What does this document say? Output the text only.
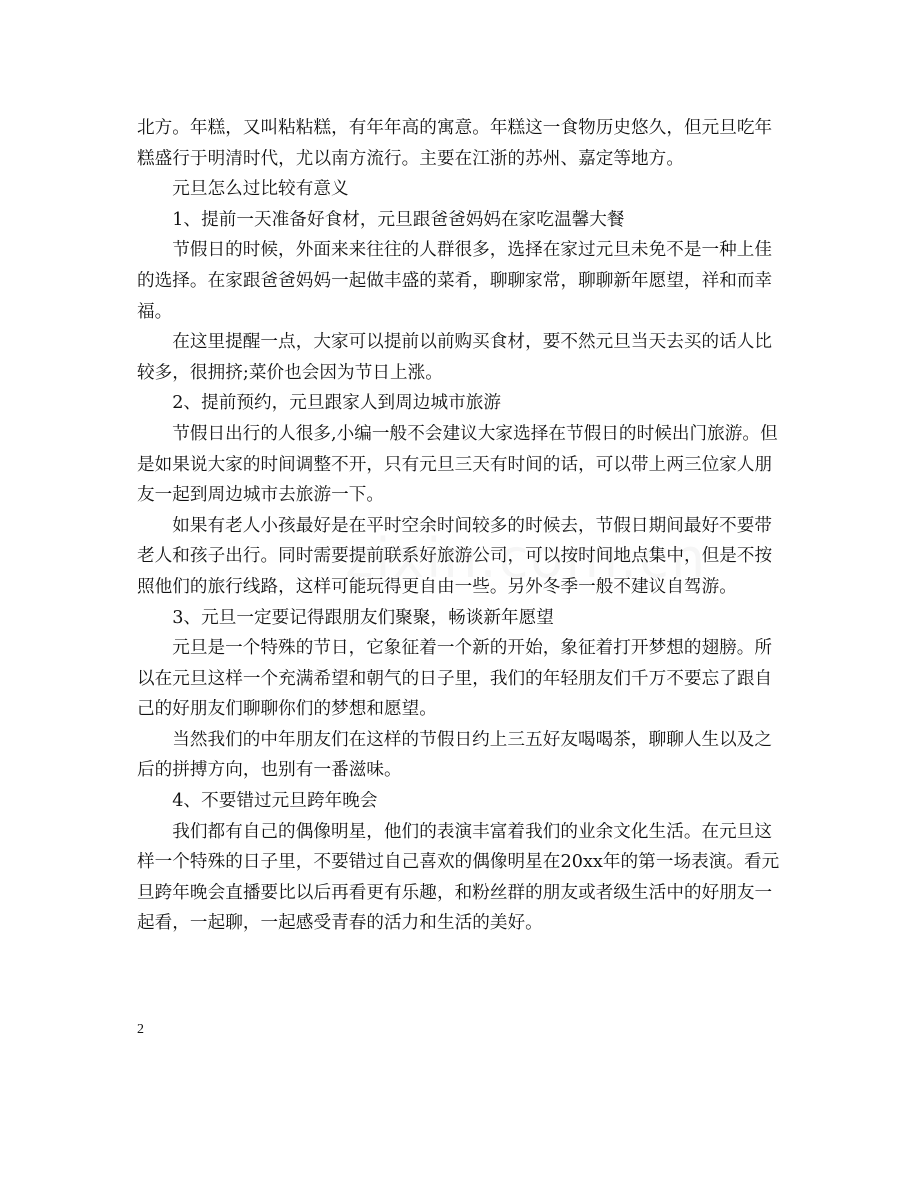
北方。年糕，又叫粘粘糕，有年年高的寓意。年糕这一食物历史悠久，但元旦吃年糕盛行于明清时代，尤以南方流行。主要在江浙的苏州、嘉定等地方。

元旦怎么过比较有意义

1、提前一天准备好食材，元旦跟爸爸妈妈在家吃温馨大餐

节假日的时候，外面来来往往的人群很多，选择在家过元旦未免不是一种上佳的选择。在家跟爸爸妈妈一起做丰盛的菜肴，聊聊家常，聊聊新年愿望，祥和而幸福。

在这里提醒一点，大家可以提前以前购买食材，要不然元旦当天去买的话人比较多，很拥挤;菜价也会因为节日上涨。

2、提前预约，元旦跟家人到周边城市旅游

节假日出行的人很多,小编一般不会建议大家选择在节假日的时候出门旅游。但是如果说大家的时间调整不开，只有元旦三天有时间的话，可以带上两三位家人朋友一起到周边城市去旅游一下。

如果有老人小孩最好是在平时空余时间较多的时候去，节假日期间最好不要带老人和孩子出行。同时需要提前联系好旅游公司，可以按时间地点集中，但是不按照他们的旅行线路，这样可能玩得更自由一些。另外冬季一般不建议自驾游。

3、元旦一定要记得跟朋友们聚聚，畅谈新年愿望

元旦是一个特殊的节日，它象征着一个新的开始，象征着打开梦想的翅膀。所以在元旦这样一个充满希望和朝气的日子里，我们的年轻朋友们千万不要忘了跟自己的好朋友们聊聊你们的梦想和愿望。

当然我们的中年朋友们在这样的节假日约上三五好友喝喝茶，聊聊人生以及之后的拼搏方向，也别有一番滋味。

4、不要错过元旦跨年晚会

我们都有自己的偶像明星，他们的表演丰富着我们的业余文化生活。在元旦这样一个特殊的日子里，不要错过自己喜欢的偶像明星在20xx年的第一场表演。看元旦跨年晚会直播要比以后再看更有乐趣，和粉丝群的朋友或者级生活中的好朋友一起看，一起聊，一起感受青春的活力和生活的美好。

2
